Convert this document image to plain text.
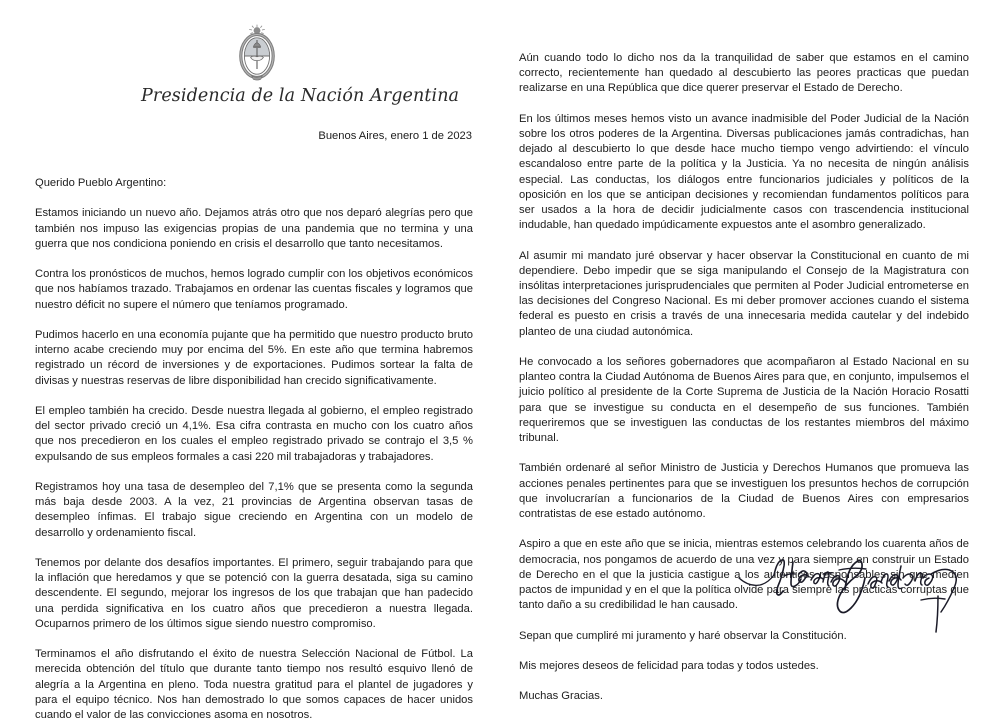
Presidencia de la Nación Argentina
Buenos Aires, enero 1 de 2023

Querido Pueblo Argentino:

Estamos iniciando un nuevo año. Dejamos atrás otro que nos deparó alegrías pero que también nos impuso las exigencias propias de una pandemia que no termina y una guerra que nos condiciona poniendo en crisis el desarrollo que tanto necesitamos.

Contra los pronósticos de muchos, hemos logrado cumplir con los objetivos económicos que nos habíamos trazado. Trabajamos en ordenar las cuentas fiscales y logramos que nuestro déficit no supere el número que teníamos programado.

Pudimos hacerlo en una economía pujante que ha permitido que nuestro producto bruto interno acabe creciendo muy por encima del 5%. En este año que termina habremos registrado un récord de inversiones y de exportaciones. Pudimos sortear la falta de divisas y nuestras reservas de libre disponibilidad han crecido significativamente.

El empleo también ha crecido. Desde nuestra llegada al gobierno, el empleo registrado del sector privado creció un 4,1%. Esa cifra contrasta en mucho con los cuatro años que nos precedieron en los cuales el empleo registrado privado se contrajo el 3,5 % expulsando de sus empleos formales a casi 220 mil trabajadoras y trabajadores.

Registramos hoy una tasa de desempleo del 7,1% que se presenta como la segunda más baja desde 2003. A la vez, 21 provincias de Argentina observan tasas de desempleo ínfimas. El trabajo sigue creciendo en Argentina con un modelo de desarrollo y ordenamiento fiscal.

Tenemos por delante dos desafíos importantes. El primero, seguir trabajando para que la inflación que heredamos y que se potenció con la guerra desatada, siga su camino descendente. El segundo, mejorar los ingresos de los que trabajan que han padecido una perdida significativa en los cuatro años que precedieron a nuestra llegada. Ocuparnos primero de los últimos sigue siendo nuestro compromiso.

Terminamos el año disfrutando el éxito de nuestra Selección Nacional de Fútbol. La merecida obtención del título que durante tanto tiempo nos resultó esquivo llenó de alegría a la Argentina en pleno. Toda nuestra gratitud para el plantel de jugadores y para el equipo técnico. Nos han demostrado lo que somos capaces de hacer unidos cuando el valor de las convicciones asoma en nosotros.

Aún cuando todo lo dicho nos da la tranquilidad de saber que estamos en el camino correcto, recientemente han quedado al descubierto las peores practicas que puedan realizarse en una República que dice querer preservar el Estado de Derecho.

En los últimos meses hemos visto un avance inadmisible del Poder Judicial de la Nación sobre los otros poderes de la Argentina. Diversas publicaciones jamás contradichas, han dejado al descubierto lo que desde hace mucho tiempo vengo advirtiendo: el vínculo escandaloso entre parte de la política y la Justicia. Ya no necesita de ningún análisis especial. Las conductas, los diálogos entre funcionarios judiciales y políticos de la oposición en los que se anticipan decisiones y recomiendan fundamentos políticos para ser usados a la hora de decidir judicialmente casos con trascendencia institucional indudable, han quedado impúdicamente expuestos ante el asombro generalizado.

Al asumir mi mandato juré observar y hacer observar la Constitucional en cuanto de mi dependiere. Debo impedir que se siga manipulando el Consejo de la Magistratura con insólitas interpretaciones jurisprudenciales que permiten al Poder Judicial entrometerse en las decisiones del Congreso Nacional. Es mi deber promover acciones cuando el sistema federal es puesto en crisis a través de una innecesaria medida cautelar y del indebido planteo de una ciudad autonómica.

He convocado a los señores gobernadores que acompañaron al Estado Nacional en su planteo contra la Ciudad Autónoma de Buenos Aires para que, en conjunto, impulsemos el juicio político al presidente de la Corte Suprema de Justicia de la Nación Horacio Rosatti para que se investigue su conducta en el desempeño de sus funciones. También requeriremos que se investiguen las conductas de los restantes miembros del máximo tribunal.

También ordenaré al señor Ministro de Justicia y Derechos Humanos que promueva las acciones penales pertinentes para que se investiguen los presuntos hechos de corrupción que involucrarían a funcionarios de la Ciudad de Buenos Aires con empresarios contratistas de ese estado autónomo.

Aspiro a que en este año que se inicia, mientras estemos celebrando los cuarenta años de democracia, nos pongamos de acuerdo de una vez y para siempre en construir un Estado de Derecho en el que la justicia castigue a los auténticos responsables sin que medien pactos de impunidad y en el que la política olvide para siempre las prácticas corruptas que tanto daño a su credibilidad le han causado.

Sepan que cumpliré mi juramento y haré observar la Constitución.

Mis mejores deseos de felicidad para todas y todos ustedes.

Muchas Gracias.
